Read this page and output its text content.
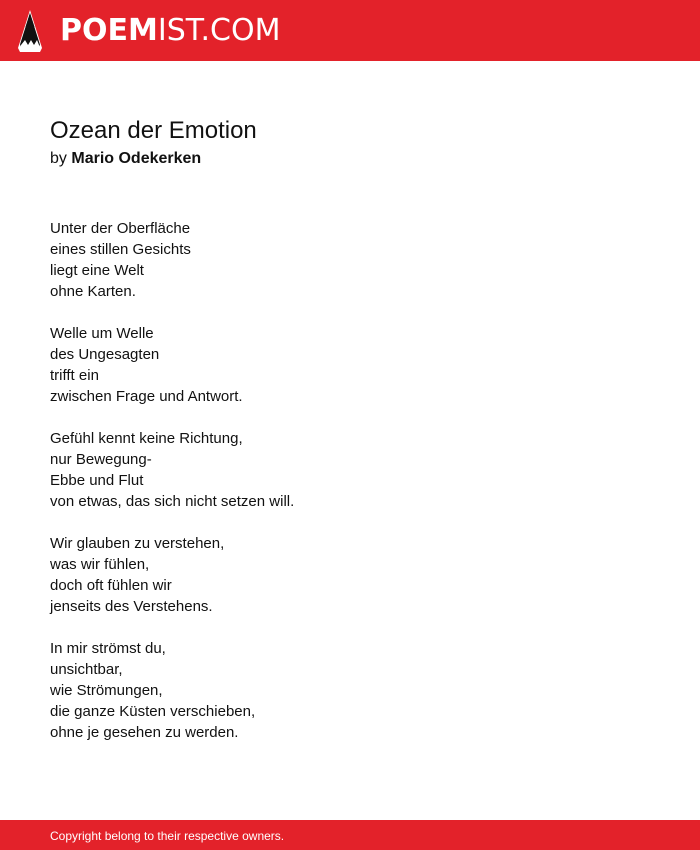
POEMIST.COM
Ozean der Emotion
by Mario Odekerken
Unter der Oberfläche
eines stillen Gesichts
liegt eine Welt
ohne Karten.
Welle um Welle
des Ungesagten
trifft ein
zwischen Frage und Antwort.
Gefühl kennt keine Richtung,
nur Bewegung-
Ebbe und Flut
von etwas, das sich nicht setzen will.
Wir glauben zu verstehen,
was wir fühlen,
doch oft fühlen wir
jenseits des Verstehens.
In mir strömst du,
unsichtbar,
wie Strömungen,
die ganze Küsten verschieben,
ohne je gesehen zu werden.
Copyright belong to their respective owners.
